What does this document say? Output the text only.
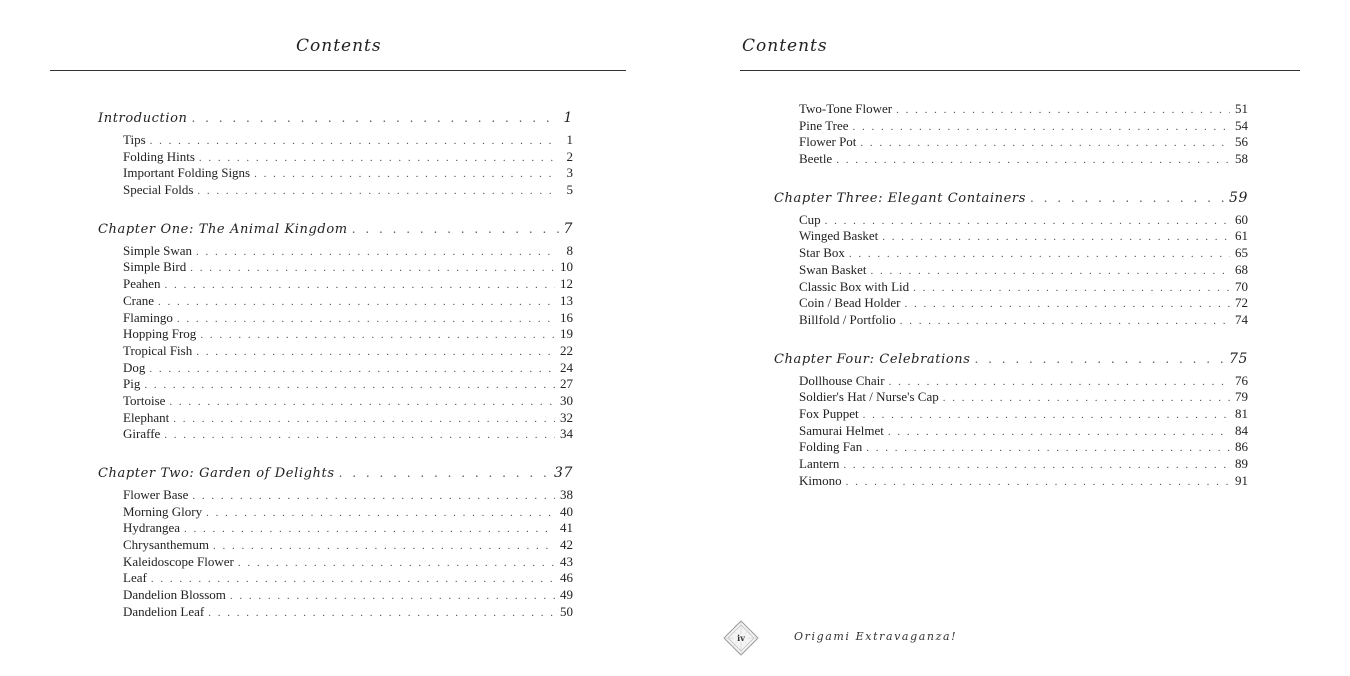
Contents
Introduction . . .	1
Tips . . .	1
Folding Hints . . .	2
Important Folding Signs . . .	3
Special Folds . . .	5
Chapter One: The Animal Kingdom . . .	7
Simple Swan . . .	8
Simple Bird . . .	10
Peahen . . .	12
Crane . . .	13
Flamingo . . .	16
Hopping Frog . . .	19
Tropical Fish . . .	22
Dog . . .	24
Pig . . .	27
Tortoise . . .	30
Elephant . . .	32
Giraffe . . .	34
Chapter Two: Garden of Delights . . .	37
Flower Base . . .	38
Morning Glory . . .	40
Hydrangea . . .	41
Chrysanthemum . . .	42
Kaleidoscope Flower . . .	43
Leaf . . .	46
Dandelion Blossom . . .	49
Dandelion Leaf . . .	50
Contents
Two-Tone Flower . . .	51
Pine Tree . . .	54
Flower Pot . . .	56
Beetle . . .	58
Chapter Three: Elegant Containers . . .	59
Cup . . .	60
Winged Basket . . .	61
Star Box . . .	65
Swan Basket . . .	68
Classic Box with Lid . . .	70
Coin / Bead Holder . . .	72
Billfold / Portfolio . . .	74
Chapter Four: Celebrations . . .	75
Dollhouse Chair . . .	76
Soldier's Hat / Nurse's Cap . . .	79
Fox Puppet . . .	81
Samurai Helmet . . .	84
Folding Fan . . .	86
Lantern . . .	89
Kimono . . .	91
iv	Origami Extravaganza!
